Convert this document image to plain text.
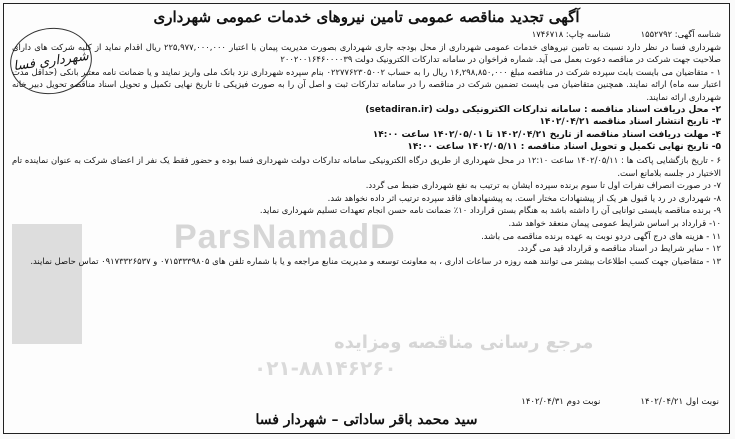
آگهی تجدید مناقصه عمومی تامین نیروهای خدمات عمومی شهرداری
شهرداری فسا
ParsNamadD
مرجع رسانی مناقصه ومزایده
۰۲۱-۸۸۱۴۶۲۶۰
شناسه آگهی: ۱۵۵۲۷۹۲
شناسه چاپ: ۱۷۴۶۷۱۸

شهرداری فسا در نظر دارد نسبت به تامین نیروهای خدمات عمومی شهرداری از محل بودجه جاری شهرداری بصورت مدیریت پیمان با اعتبار ۲۲۵,۹۷۷,۰۰۰,۰۰۰ ریال اقدام نماید از کلیه شرکت های دارای صلاحیت جهت شرکت در مناقصه دعوت بعمل می آید. شماره فراخوان در سامانه تدارکات الکترونیک دولت ۲۰۰۲۰۰۱۶۴۶۰۰۰۰۳۹

۱ - متقاضیان می بایست بابت سپرده شرکت در مناقصه مبلغ ۱۶,۲۹۸,۸۵۰,۰۰۰ ریال را به حساب ۰۲۲۷۷۶۲۳۰۵۰۰۲ بنام سپرده شهرداری نزد بانک ملی واریز نمایند و یا ضمانت نامه معتبر بانکی (حداقل مدت اعتبار سه ماه) ارائه نمایند. همچنین متقاضیان می بایست تضمین شرکت در مناقصه را در سامانه تدارکات ثبت و اصل آن را به صورت فیزیکی تا تاریخ نهایی تکمیل و تحویل اسناد مناقصه تحویل دبیر خانه شهرداری ارائه نمایند.

۲- محل دریافت اسناد مناقصه : سامانه تدارکات الکترونیکی دولت (setadiran.ir)

۳- تاریخ انتشار اسناد مناقصه ۱۴۰۲/۰۴/۲۱

۴- مهلت دریافت اسناد مناقصه از تاریخ ۱۴۰۲/۰۴/۲۱ تا ۱۴۰۲/۰۵/۰۱ ساعت ۱۴:۰۰

۵- تاریخ نهایی تکمیل و تحویل اسناد مناقصه : ۱۴۰۲/۰۵/۱۱ ساعت ۱۴:۰۰

۶ - تاریخ بازگشایی پاکت ها : ۱۴۰۲/۰۵/۱۱ ساعت ۱۲:۱۰ در محل شهرداری از طریق درگاه الکترونیکی سامانه تدارکات دولت شهرداری فسا بوده و حضور فقط یک نفر از اعضای شرکت به عنوان نماینده تام الاختیار در جلسه بلامانع است.

۷- در صورت انصراف نفرات اول تا سوم برنده سپرده ایشان به ترتیب به نفع شهرداری ضبط می گردد.

۸- شهرداری در رد یا قبول هر یک از پیشنهادات مختار است. به پیشنهادهای فاقد سپرده ترتیب اثر داده نخواهد شد.

۹- برنده مناقصه بایستی توانایی آن را داشته باشد به هنگام بستن قرارداد ۱۰٪ ضمانت نامه حسن انجام تعهدات تسلیم شهرداری نماید.

۱۰- قرارداد بر اساس شرایط عمومی پیمان منعقد خواهد شد.

۱۱ - هزینه های درج آگهی دردو نوبت به عهده برنده مناقصه می باشد.

۱۲ - سایر شرایط در اسناد مناقصه و قرارداد قید می گردد.

۱۳ - متقاضیان جهت کسب اطلاعات بیشتر می توانند همه روزه در ساعات اداری ، به معاونت توسعه و مدیریت منابع مراجعه و یا با شماره تلفن های ۰۷۱۵۳۳۳۹۸۰۵ و ۰۹۱۷۳۳۲۶۵۳۷ تماس حاصل نمایند.

نوبت اول ۱۴۰۲/۰۴/۲۱
نوبت دوم ۱۴۰۲/۰۴/۳۱
سید محمد باقر ساداتی – شهردار فسا
